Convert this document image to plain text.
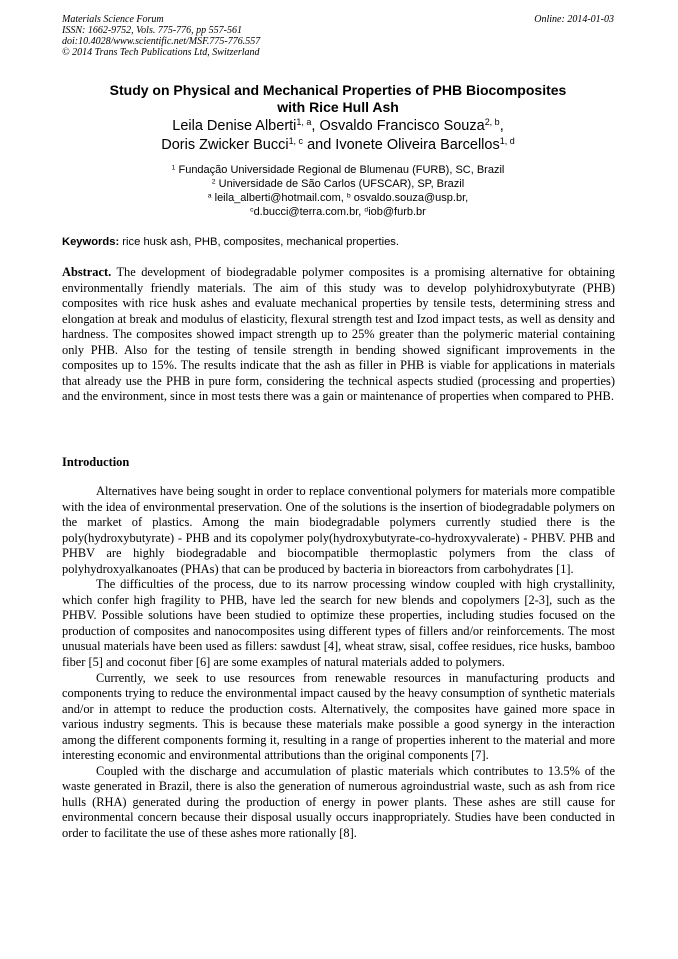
Materials Science Forum
ISSN: 1662-9752, Vols. 775-776, pp 557-561
doi:10.4028/www.scientific.net/MSF.775-776.557
© 2014 Trans Tech Publications Ltd, Switzerland
Online: 2014-01-03
Study on Physical and Mechanical Properties of PHB Biocomposites
with Rice Hull Ash
Leila Denise Alberti$^{1, a}$, Osvaldo Francisco Souza$^{2, b}$,
Doris Zwicker Bucci$^{1, c}$ and Ivonete Oliveira Barcellos$^{1, d}$
$^1$ Fundação Universidade Regional de Blumenau (FURB), SC, Brazil
$^2$ Universidade de São Carlos (UFSCAR), SP, Brazil
$^a$ leila_alberti@hotmail.com, $^b$ osvaldo.souza@usp.br,
$^c$d.bucci@terra.com.br, $^d$iob@furb.br
Keywords: rice husk ash, PHB, composites, mechanical properties.
Abstract. The development of biodegradable polymer composites is a promising alternative for obtaining environmentally friendly materials. The aim of this study was to develop polyhidroxybutyrate (PHB) composites with rice husk ashes and evaluate mechanical properties by tensile tests, determining stress and elongation at break and modulus of elasticity, flexural strength test and Izod impact tests, as well as density and hardness. The composites showed impact strength up to 25% greater than the polymeric material containing only PHB. Also for the testing of tensile strength in bending showed significant improvements in the composites up to 15%. The results indicate that the ash as filler in PHB is viable for applications in materials that already use the PHB in pure form, considering the technical aspects studied (processing and properties) and the environment, since in most tests there was a gain or maintenance of properties when compared to PHB.
Introduction

Alternatives have being sought in order to replace conventional polymers for materials more compatible with the idea of environmental preservation. One of the solutions is the insertion of biodegradable polymers on the market of plastics. Among the main biodegradable polymers currently studied there is the poly(hydroxybutyrate) - PHB and its copolymer poly(hydroxybutyrate-co-hydroxyvalerate) - PHBV. PHB and PHBV are highly biodegradable and biocompatible thermoplastic polymers from the class of polyhydroxyalkanoates (PHAs) that can be produced by bacteria in bioreactors from carbohydrates [1].

The difficulties of the process, due to its narrow processing window coupled with high crystallinity, which confer high fragility to PHB, have led the search for new blends and copolymers [2-3], such as the PHBV. Possible solutions have been studied to optimize these properties, including studies focused on the production of composites and nanocomposites using different types of fillers and/or reinforcements. The most unusual materials have been used as fillers: sawdust [4], wheat straw, sisal, coffee residues, rice husks, bamboo fiber [5] and coconut fiber [6] are some examples of natural materials added to polymers.

Currently, we seek to use resources from renewable resources in manufacturing products and components trying to reduce the environmental impact caused by the heavy consumption of synthetic materials and/or in attempt to reduce the production costs. Alternatively, the composites have gained more space in various industry segments. This is because these materials make possible a good synergy in the interaction among the different components forming it, resulting in a range of properties inherent to the material and more interesting economic and environmental attributions than the original components [7].

Coupled with the discharge and accumulation of plastic materials which contributes to 13.5% of the waste generated in Brazil, there is also the generation of numerous agroindustrial waste, such as ash from rice hulls (RHA) generated during the production of energy in power plants. These ashes are still cause for environmental concern because their disposal usually occurs inappropriately. Studies have been conducted in order to facilitate the use of these ashes more rationally [8].
